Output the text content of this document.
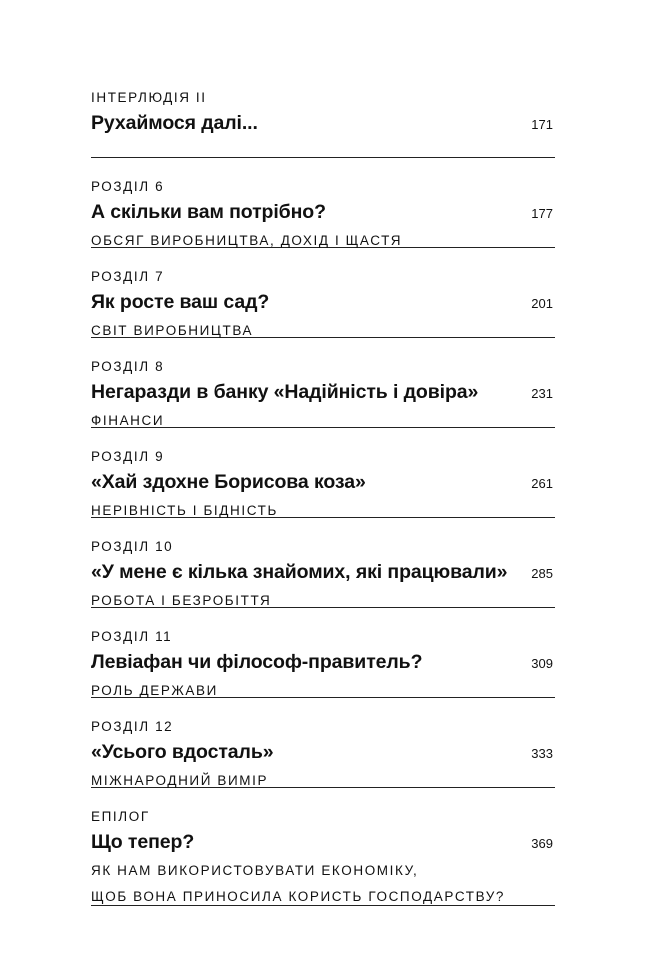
ІНТЕРЛЮДІЯ II
Рухаймося далі...	171
РОЗДІЛ 6
А скільки вам потрібно?	177
ОБСЯГ ВИРОБНИЦТВА, ДОХІД І ЩАСТЯ
РОЗДІЛ 7
Як росте ваш сад?	201
СВІТ ВИРОБНИЦТВА
РОЗДІЛ 8
Негаразди в банку «Надійність і довіра»	231
ФІНАНСИ
РОЗДІЛ 9
«Хай здохне Борисова коза»	261
НЕРІВНІСТЬ І БІДНІСТЬ
РОЗДІЛ 10
«У мене є кілька знайомих, які працювали» 285
РОБОТА І БЕЗРОБІТТЯ
РОЗДІЛ 11
Левіафан чи філософ-правитель?	309
РОЛЬ ДЕРЖАВИ
РОЗДІЛ 12
«Усього вдосталь»	333
МІЖНАРОДНИЙ ВИМІР
ЕПІЛОГ
Що тепер?	369
ЯК НАМ ВИКОРИСТОВУВАТИ ЕКОНОМІКУ,
ЩОБ ВОНА ПРИНОСИЛА КОРИСТЬ ГОСПОДАРСТВУ?
